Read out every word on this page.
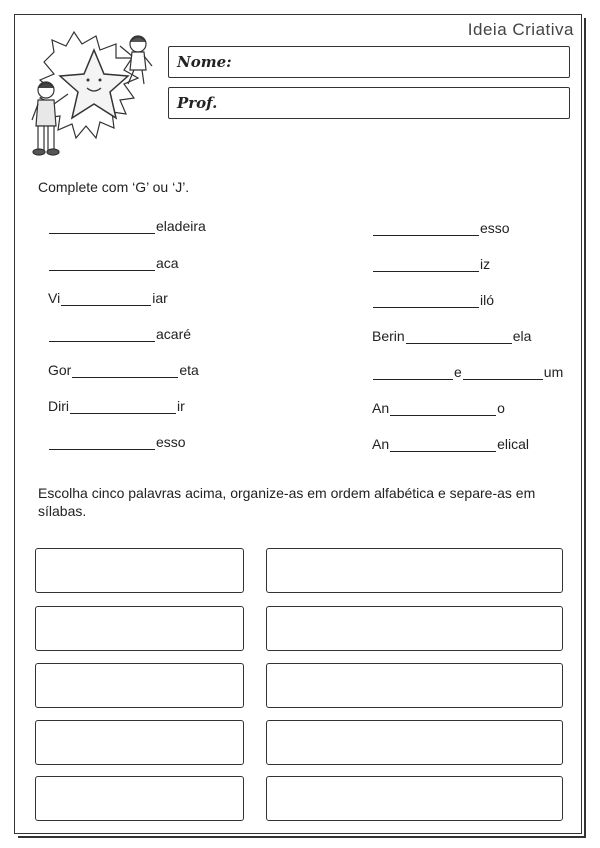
Ideia Criativa
Nome:
Prof.
Complete com ‘G’ ou ‘J’.
eladeira
aca
Vi	iar
acaré
Gor	eta
Diri	ir
esso
esso
iz
iló
Berin	ela
e	um
An	o
An	elical
Escolha cinco palavras acima, organize-as em ordem alfabética e separe-as em sílabas.
